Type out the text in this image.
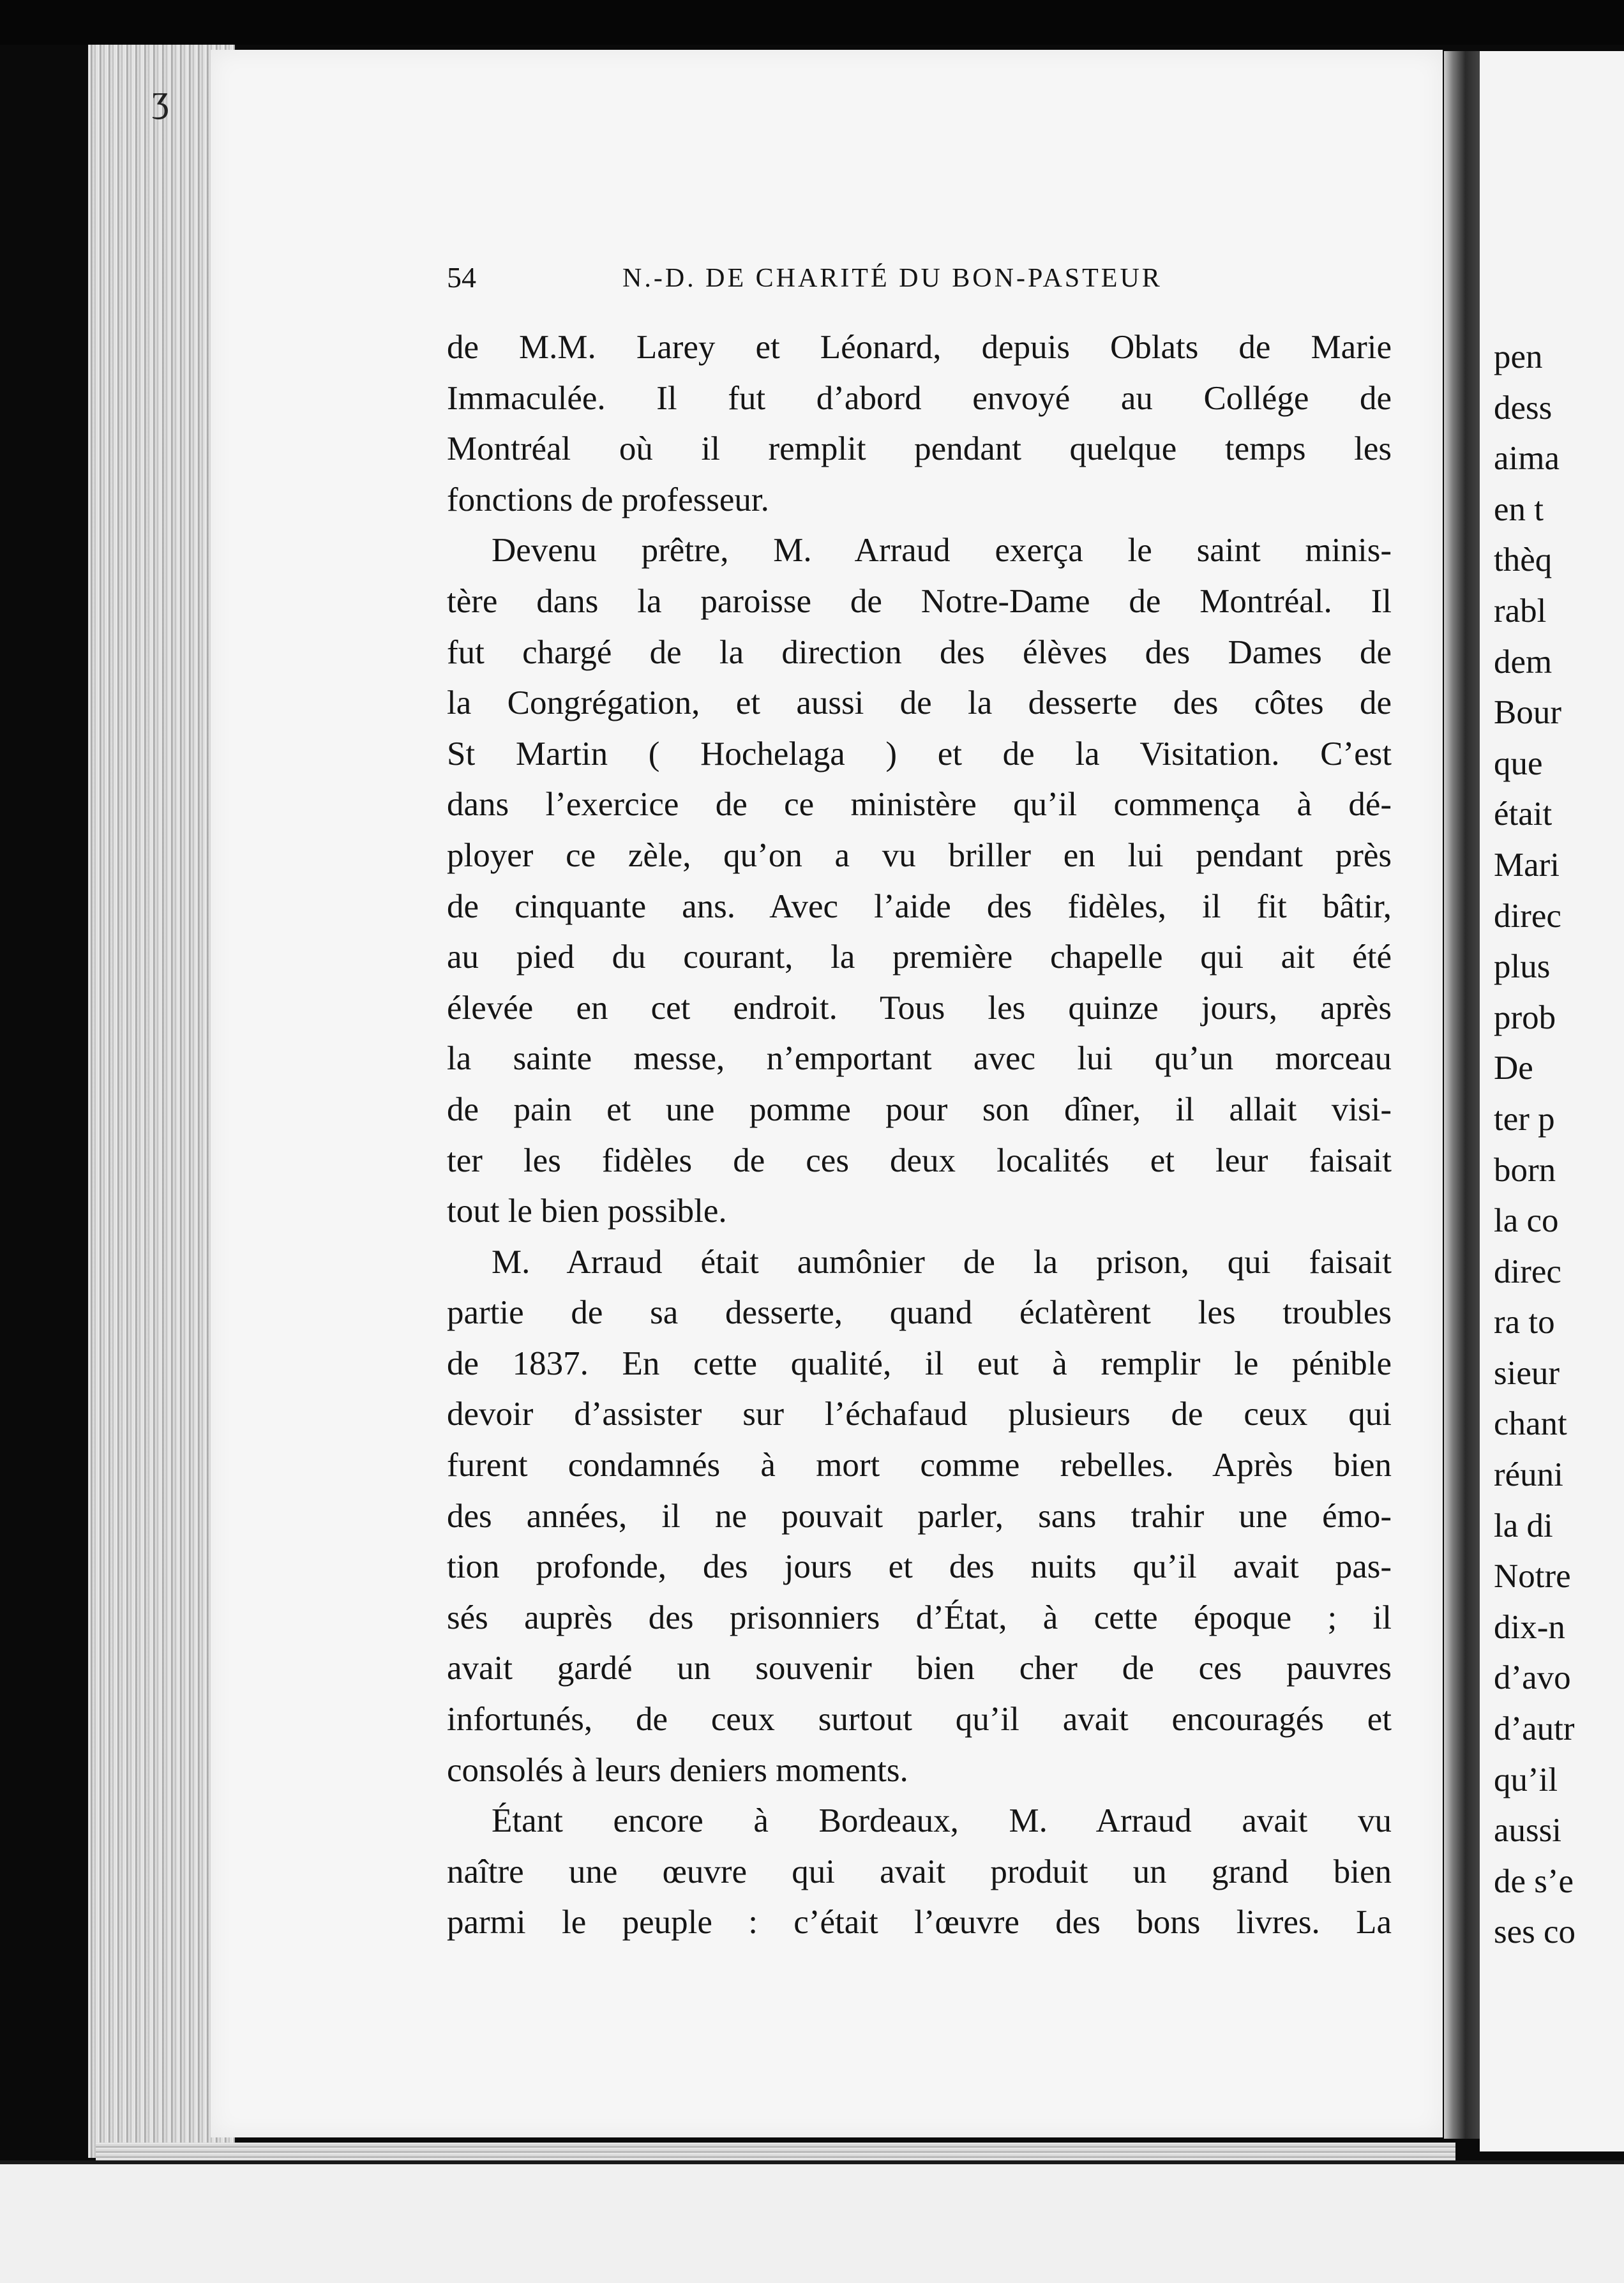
54	N.-D. DE CHARITÉ DU BON-PASTEUR
de M.M. Larey et Léonard, depuis Oblats de Marie
Immaculée. Il fut d’abord envoyé au Collége de
Montréal où il remplit pendant quelque temps les
fonctions de professeur.
Devenu prêtre, M. Arraud exerça le saint minis-
tère dans la paroisse de Notre-Dame de Montréal. Il
fut chargé de la direction des élèves des Dames de
la Congrégation, et aussi de la desserte des côtes de
St Martin ( Hochelaga ) et de la Visitation. C’est
dans l’exercice de ce ministère qu’il commença à dé-
ployer ce zèle, qu’on a vu briller en lui pendant près
de cinquante ans. Avec l’aide des fidèles, il fit bâtir,
au pied du courant, la première chapelle qui ait été
élevée en cet endroit. Tous les quinze jours, après
la sainte messe, n’emportant avec lui qu’un morceau
de pain et une pomme pour son dîner, il allait visi-
ter les fidèles de ces deux localités et leur faisait
tout le bien possible.
M. Arraud était aumônier de la prison, qui faisait
partie de sa desserte, quand éclatèrent les troubles
de 1837. En cette qualité, il eut à remplir le pénible
devoir d’assister sur l’échafaud plusieurs de ceux qui
furent condamnés à mort comme rebelles. Après bien
des années, il ne pouvait parler, sans trahir une émo-
tion profonde, des jours et des nuits qu’il avait pas-
sés auprès des prisonniers d’État, à cette époque ; il
avait gardé un souvenir bien cher de ces pauvres
infortunés, de ceux surtout qu’il avait encouragés et
consolés à leurs deniers moments.
Étant encore à Bordeaux, M. Arraud avait vu
naître une œuvre qui avait produit un grand bien
parmi le peuple : c’était l’œuvre des bons livres. La
pen
dess
aima
en t
thèq
rabl
dem
Bour
que
était
Mari
direc
plus
prob
De
ter p
born
la co
direc
ra to
sieur
chant
réuni
la di
Notre
dix-n
d’avo
d’autr
qu’il
aussi
de s’e
ses co
ʒ
